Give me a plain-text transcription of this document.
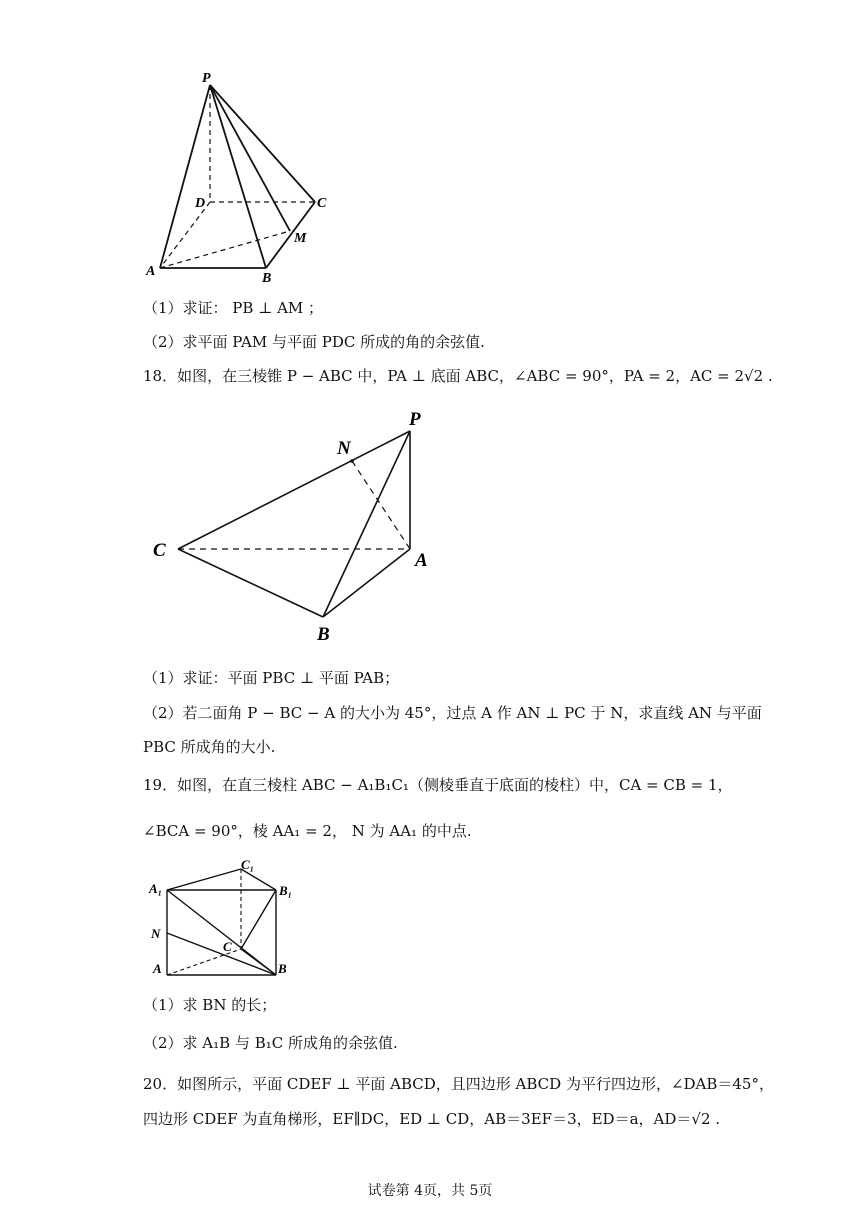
P
D	C
M
A	B
（1）求证： PB ⊥ AM ；
（2）求平面 PAM 与平面 PDC 所成的角的余弦值.
18．如图，在三棱锥 P − ABC 中，PA ⊥ 底面 ABC，∠ABC = 90°，PA = 2，AC = 2√2 .
P
N
C	A
B
（1）求证：平面 PBC ⊥ 平面 PAB；
（2）若二面角 P − BC − A 的大小为 45°，过点 A 作 AN ⊥ PC 于 N，求直线 AN 与平面
PBC 所成角的大小.
19．如图，在直三棱柱 ABC − A₁B₁C₁（侧棱垂直于底面的棱柱）中，CA = CB = 1，
∠BCA = 90°，棱 AA₁ = 2， N 为 AA₁ 的中点.
C₁
A₁	B₁
N
C
A	B
（1）求 BN 的长；
（2）求 A₁B 与 B₁C 所成角的余弦值.
20．如图所示，平面 CDEF ⊥ 平面 ABCD，且四边形 ABCD 为平行四边形，∠DAB＝45°，
四边形 CDEF 为直角梯形，EF∥DC，ED ⊥ CD，AB＝3EF＝3，ED＝a，AD＝√2 .
试卷第 4页，共 5页
